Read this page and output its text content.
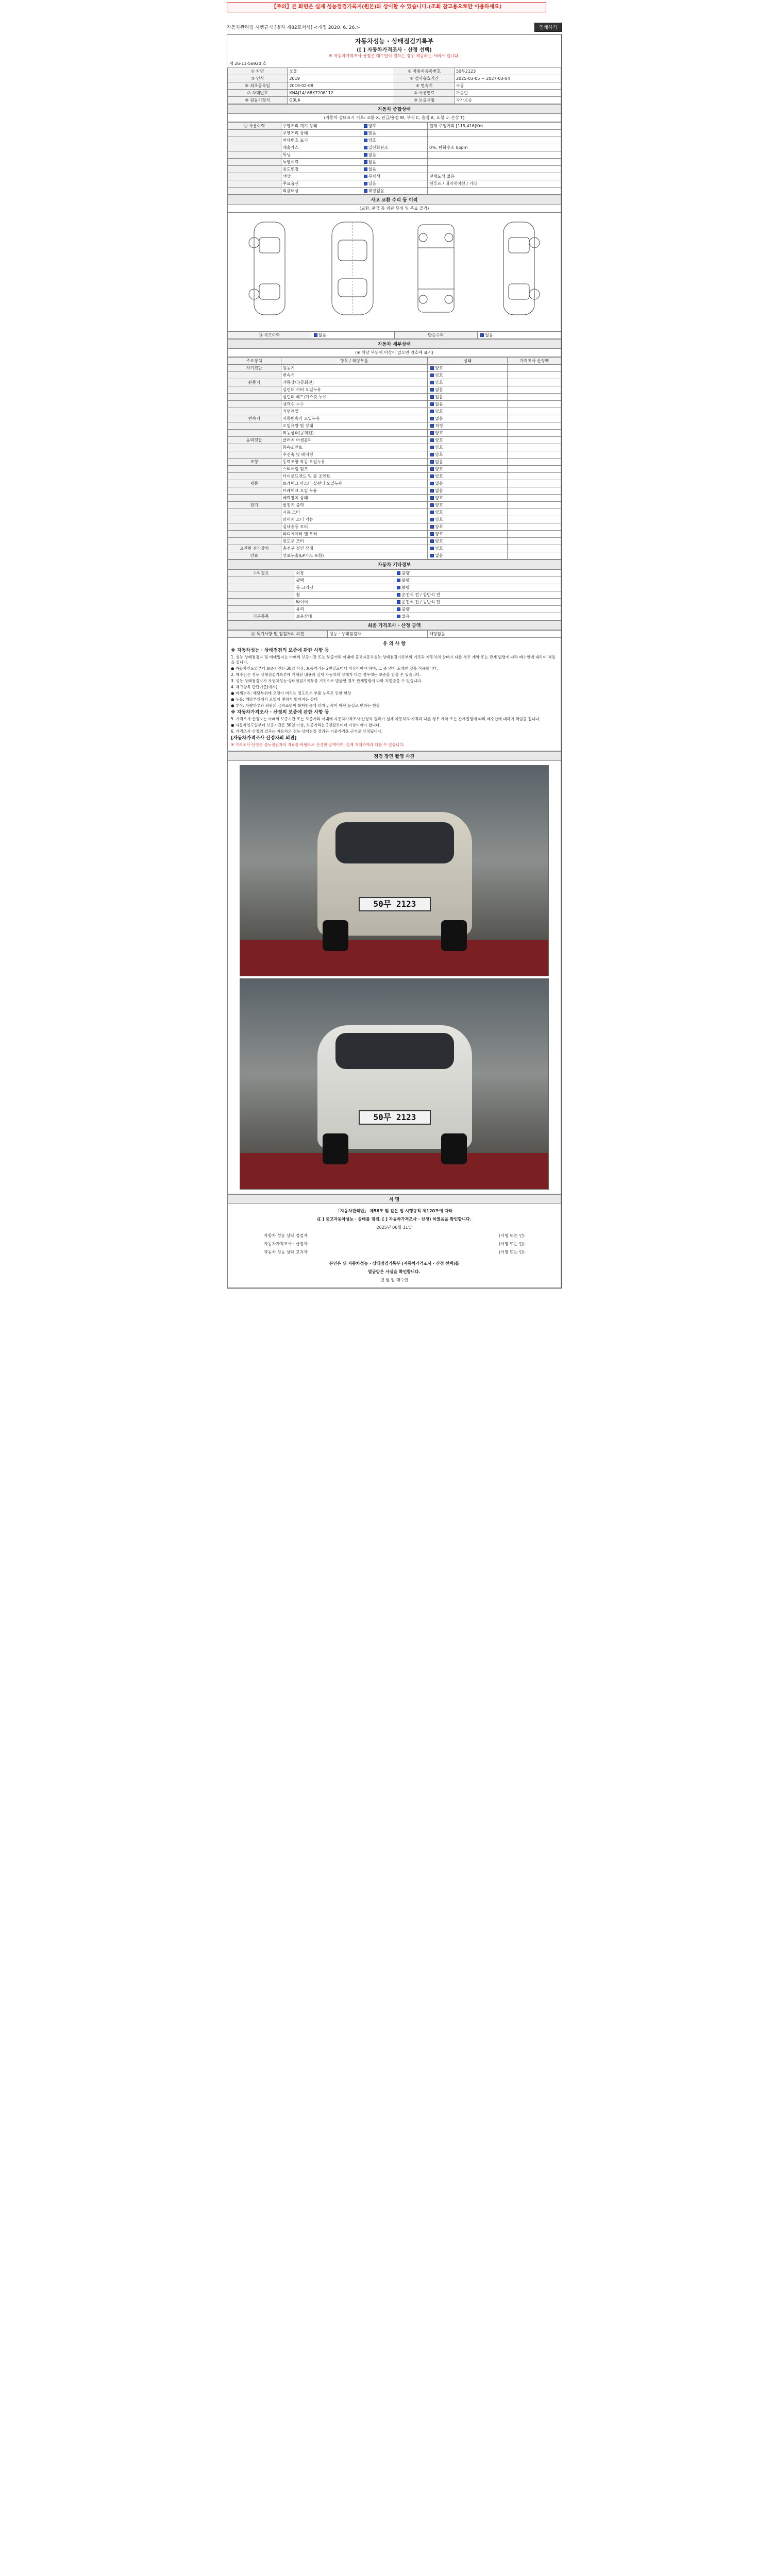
【주의】본 화면은 실제 성능점검기록지(원본)와 상이할 수 있습니다.(조회 참고용으로만 이용하세요)
자동차관리법 시행규칙 [별지 제82호서식] <개정 2020. 6. 26.>	인쇄하기
자동차성능 · 상태점검기록부
([ ] 자동차가격조사 · 산정 선택)
※ 자동차가격조사 산정은 매수인이 원하는 경우 제공하는 서비스 입니다.
제 26-11-56920 호
① 차명	쏘울	② 자동차등록번호	50무2123
③ 연식	2019	④ 검사유효기간	2025-03-05 ~ 2027-03-04
⑤ 최초등록일	2019-02-08	⑥ 변속기	자동
⑦ 차대번호	KNAJ14/ 68K7206112	⑧ 사용연료	가솔린
⑨ 원동기형식	G3LA	⑩ 보증유형	자가보증
자동차 종합상태
(자동차 상태표시 기호: 교환 X, 판금/용접 W, 부식 C, 흠집 A, 요철 U, 손상 T)
⑪ 사용이력	주행거리 계기 상태	양호	현재 주행거리 [115,416]Km
	주행거리 상태	많음	
	차대번호 표기	양호	
	배출가스	일산화탄소	0%, 탄화수소 0ppm
	튜닝	없음	
	특별이력	없음	
	용도변경	없음	
	색상	무채색	전체도색 없음
	주요옵션	있음	선루프 / 내비게이션 / 기타
	리콜대상	해당없음	
사고 교환 수리 등 이력
(교환, 판금 등 외판 부위 및 주요 골격)
⑬ 사고이력	없음	단순수리	없음
자동차 세부상태
(※ 해당 부위에 이상이 없으면 양호에 표시)
주요장치	항목 / 해당부품	상태	가격조사 산정액
자기진단	원동기	양호	
	변속기	양호	
원동기	작동상태(공회전)	양호	
	실린더 커버 오일누유	없음	
	실린더 헤드/개스킷 누유	없음	
	냉각수 누수	없음	
	커먼레일	양호	
변속기	자동변속기 오일누유	없음	
	오일유량 및 상태	적정	
	작동상태(공회전)	양호	
동력전달	클러치 어셈블리	양호	
	등속조인트	양호	
	추진축 및 베어링	양호	
조향	동력조향 작동 오일누유	없음	
	스티어링 펌프	양호	
	타이로드엔드 및 볼 조인트	양호	
제동	브레이크 마스터 실린더 오일누유	없음	
	브레이크 오일 누유	없음	
	배력장치 상태	양호	
전기	발전기 출력	양호	
	시동 모터	양호	
	와이퍼 모터 기능	양호	
	실내송풍 모터	양호	
	라디에이터 팬 모터	양호	
	윈도우 모터	양호	
고전원 전기장치	충전구 절연 상태	양호	
연료	연료누출(LP가스 포함)	없음	
자동차 기타정보
수리필요	외장	불량
	광택	불량
	룸 크리닝	불량
	휠	운전석 전 / 동반석 전
	타이어	운전석 전 / 동반석 전
	유리	불량
기본품목	보유상태	없음
최종 가격조사 · 산정 금액
⑬ 특기사항 및 점검자의 의견	성능 · 상태점검자	해당없음
유 의 사 항
※ 자동차성능 · 상태점검의 보증에 관한 사항 등

1. 성능·상태점검자 및 매매업자는 아래의 보증기간 또는 보증거리 이내에 중고자동차성능·상태점검기록부의 기록과 자동차의 상태가 다른 경우 계약 또는 관계 법령에 따라 매수인에 대하여 책임을 집니다.

● 자동차인도일부터 보증기간은 30일 이상, 보증거리는 2천킬로미터 이상이어야 하며, 그 중 먼저 도래한 것을 적용합니다.

2. 매수인은 성능·상태점검기록부에 기재된 내용과 실제 자동차의 상태가 다른 경우에는 보증을 받을 수 있습니다.

3. 성능·상태점검자가 자동차성능·상태점검기록부를 거짓으로 발급한 경우 관계법령에 따라 처벌받을 수 있습니다.

4. 체크항목 판단기준(예시)

● 미세누유: 해당부위에 오일이 비치는 정도로서 부품 노후로 인한 현상

● 누유: 해당부위에서 오일이 맺혀서 떨어지는 상태

● 부식: 차량하부와 외판의 금속표면이 화학반응에 의해 금속이 아닌 물질로 변하는 현상

※ 자동차가격조사 · 산정의 보증에 관한 사항 등

5. 가격조사·산정자는 아래의 보증기간 또는 보증거리 이내에 자동차가격조사·산정의 결과가 실제 자동차의 가격과 다른 경우 계약 또는 관계법령에 따라 매수인에 대하여 책임을 집니다.

● 자동차인도일부터 보증기간은 30일 이상, 보증거리는 2천킬로미터 이상이어야 합니다.

6. 가격조사·산정의 결과는 자동차의 성능·상태점검 결과와 기준가격을 근거로 산정됩니다.

[자동차가격조사 산정자의 의견]

※ 가격조사·산정은 성능점검자의 자료를 바탕으로 산정한 금액이며, 실제 거래가액과 다를 수 있습니다.

점검 장면 촬영 사진
50무 2123
50무 2123
서 명
「자동차관리법」 제58조 및 같은 법 시행규칙 제120조에 따라
([ ] 중고자동차성능 · 상태를 점검, [ ] 자동차가격조사 · 산정) 하였음을 확인합니다.
2025년 06월 11일
자동차 성능 상태 점검자	(서명 또는 인)
자동차가격조사 · 산정자	(서명 또는 인)
자동차 성능 상태 고지자	(서명 또는 인)
본인은 위 자동차성능 · 상태점검기록부 (자동차가격조사 · 산정 선택)를
발급받은 사실을 확인합니다.
년 월 일 매수인
